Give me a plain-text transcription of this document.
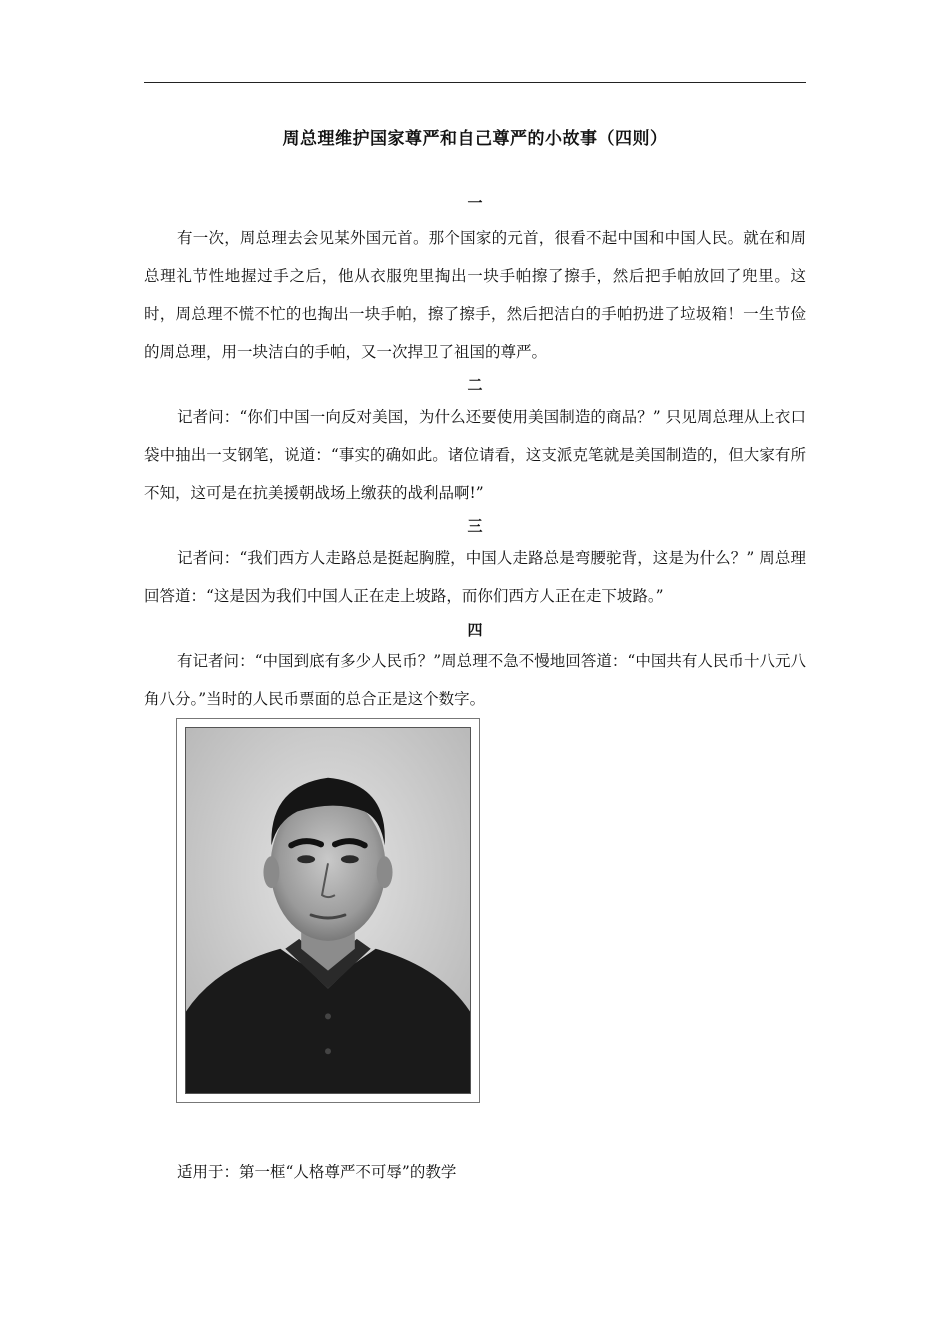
周总理维护国家尊严和自己尊严的小故事（四则）
一

有一次，周总理去会见某外国元首。那个国家的元首，很看不起中国和中国人民。就在和周总理礼节性地握过手之后，他从衣服兜里掏出一块手帕擦了擦手，然后把手帕放回了兜里。这时，周总理不慌不忙的也掏出一块手帕，擦了擦手，然后把洁白的手帕扔进了垃圾箱！一生节俭的周总理，用一块洁白的手帕，又一次捍卫了祖国的尊严。

二

记者问：“你们中国一向反对美国，为什么还要使用美国制造的商品？” 只见周总理从上衣口袋中抽出一支钢笔，说道：“事实的确如此。诸位请看，这支派克笔就是美国制造的，但大家有所不知，这可是在抗美援朝战场上缴获的战利品啊!”

三

记者问：“我们西方人走路总是挺起胸膛，中国人走路总是弯腰驼背，这是为什么？” 周总理回答道：“这是因为我们中国人正在走上坡路，而你们西方人正在走下坡路。”

四

有记者问：“中国到底有多少人民币？”周总理不急不慢地回答道：“中国共有人民币十八元八角八分。”当时的人民币票面的总合正是这个数字。

适用于：第一框“人格尊严不可辱”的教学
